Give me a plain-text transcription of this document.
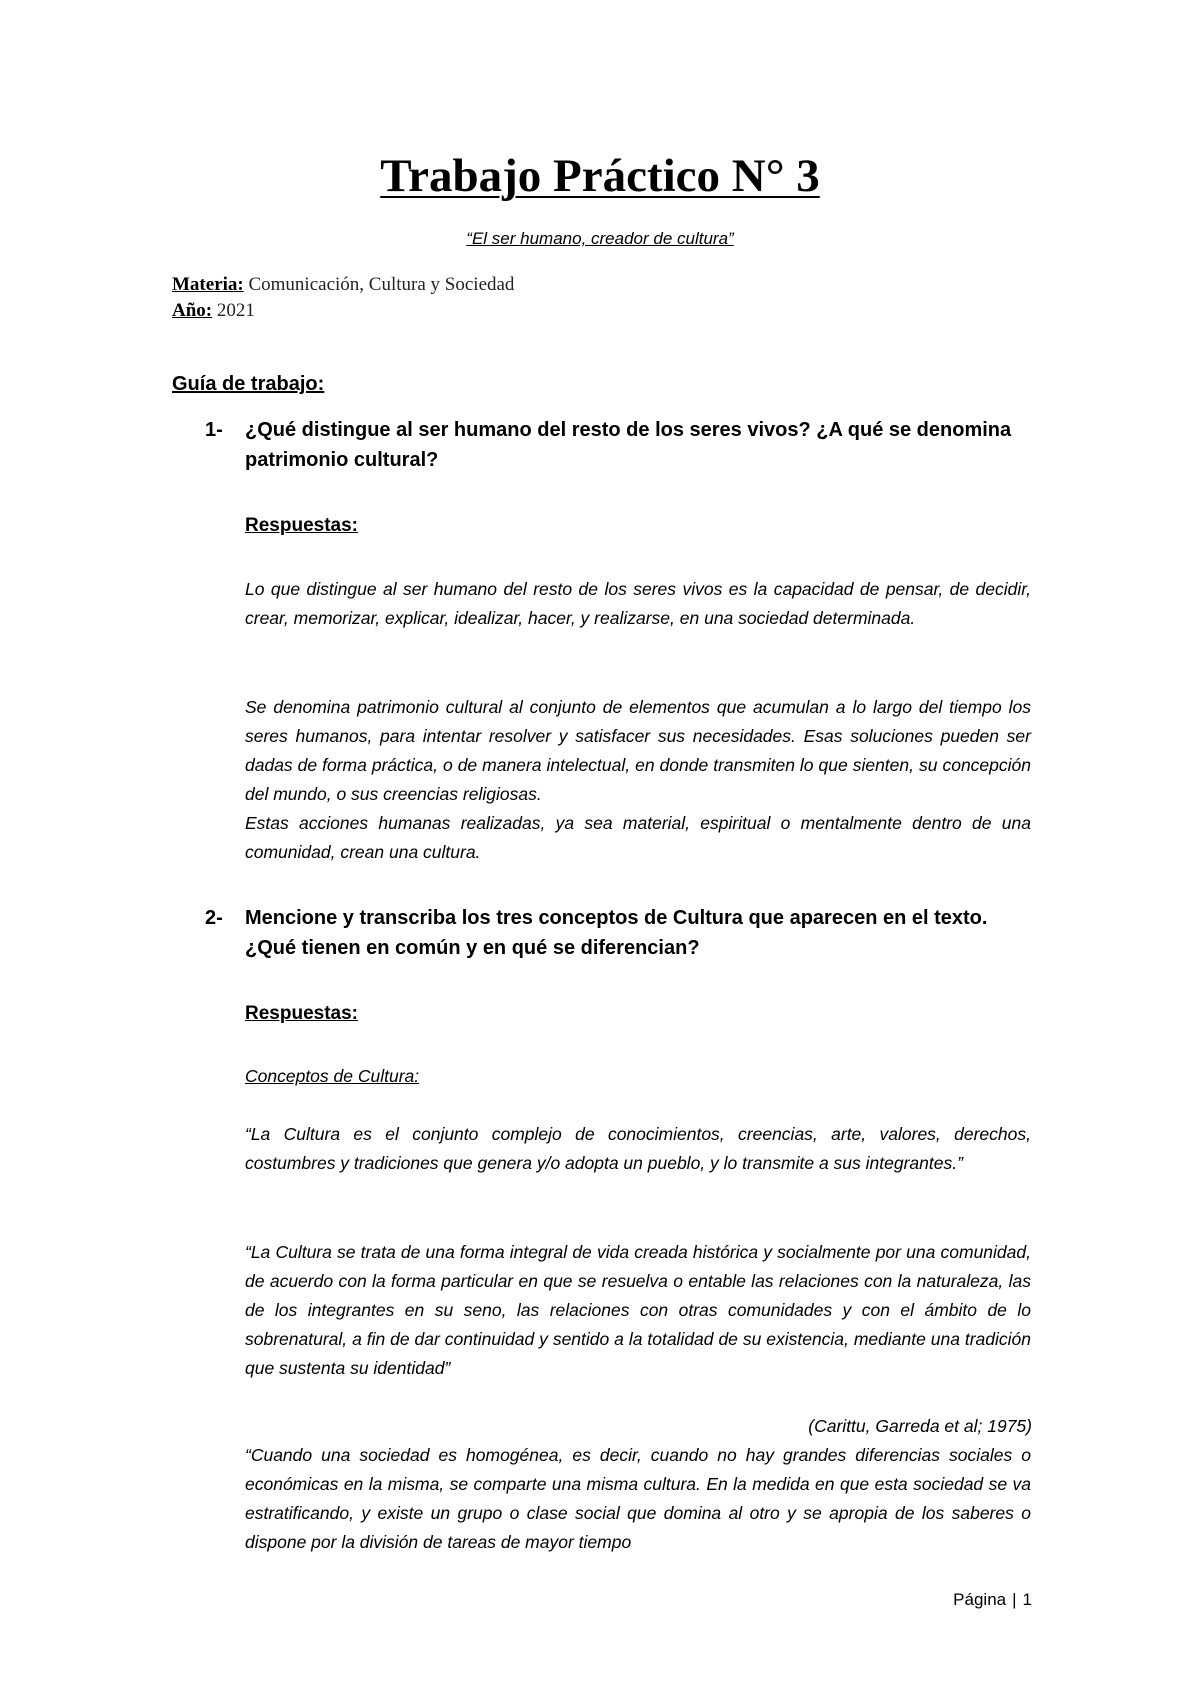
Trabajo Práctico N° 3
“El ser humano, creador de cultura”
Materia: Comunicación, Cultura y Sociedad
Año: 2021
Guía de trabajo:
1- ¿Qué distingue al ser humano del resto de los seres vivos? ¿A qué se denomina patrimonio cultural?
Respuestas:

Lo que distingue al ser humano del resto de los seres vivos es la capacidad de pensar, de decidir, crear, memorizar, explicar, idealizar, hacer, y realizarse, en una sociedad determinada.

Se denomina patrimonio cultural al conjunto de elementos que acumulan a lo largo del tiempo los seres humanos, para intentar resolver y satisfacer sus necesidades. Esas soluciones pueden ser dadas de forma práctica, o de manera intelectual, en donde transmiten lo que sienten, su concepción del mundo, o sus creencias religiosas.

Estas acciones humanas realizadas, ya sea material, espiritual o mentalmente dentro de una comunidad, crean una cultura.

2- Mencione y transcriba los tres conceptos de Cultura que aparecen en el texto. ¿Qué tienen en común y en qué se diferencian?
Respuestas:
Conceptos de Cultura:

“La Cultura es el conjunto complejo de conocimientos, creencias, arte, valores, derechos, costumbres y tradiciones que genera y/o adopta un pueblo, y lo transmite a sus integrantes.”

“La Cultura se trata de una forma integral de vida creada histórica y socialmente por una comunidad, de acuerdo con la forma particular en que se resuelva o entable las relaciones con la naturaleza, las de los integrantes en su seno, las relaciones con otras comunidades y con el ámbito de lo sobrenatural, a fin de dar continuidad y sentido a la totalidad de su existencia, mediante una tradición que sustenta su identidad”

(Carittu, Garreda et al; 1975)

“Cuando una sociedad es homogénea, es decir, cuando no hay grandes diferencias sociales o económicas en la misma, se comparte una misma cultura. En la medida en que esta sociedad se va estratificando, y existe un grupo o clase social que domina al otro y se apropia de los saberes o dispone por la división de tareas de mayor tiempo

Página | 1
